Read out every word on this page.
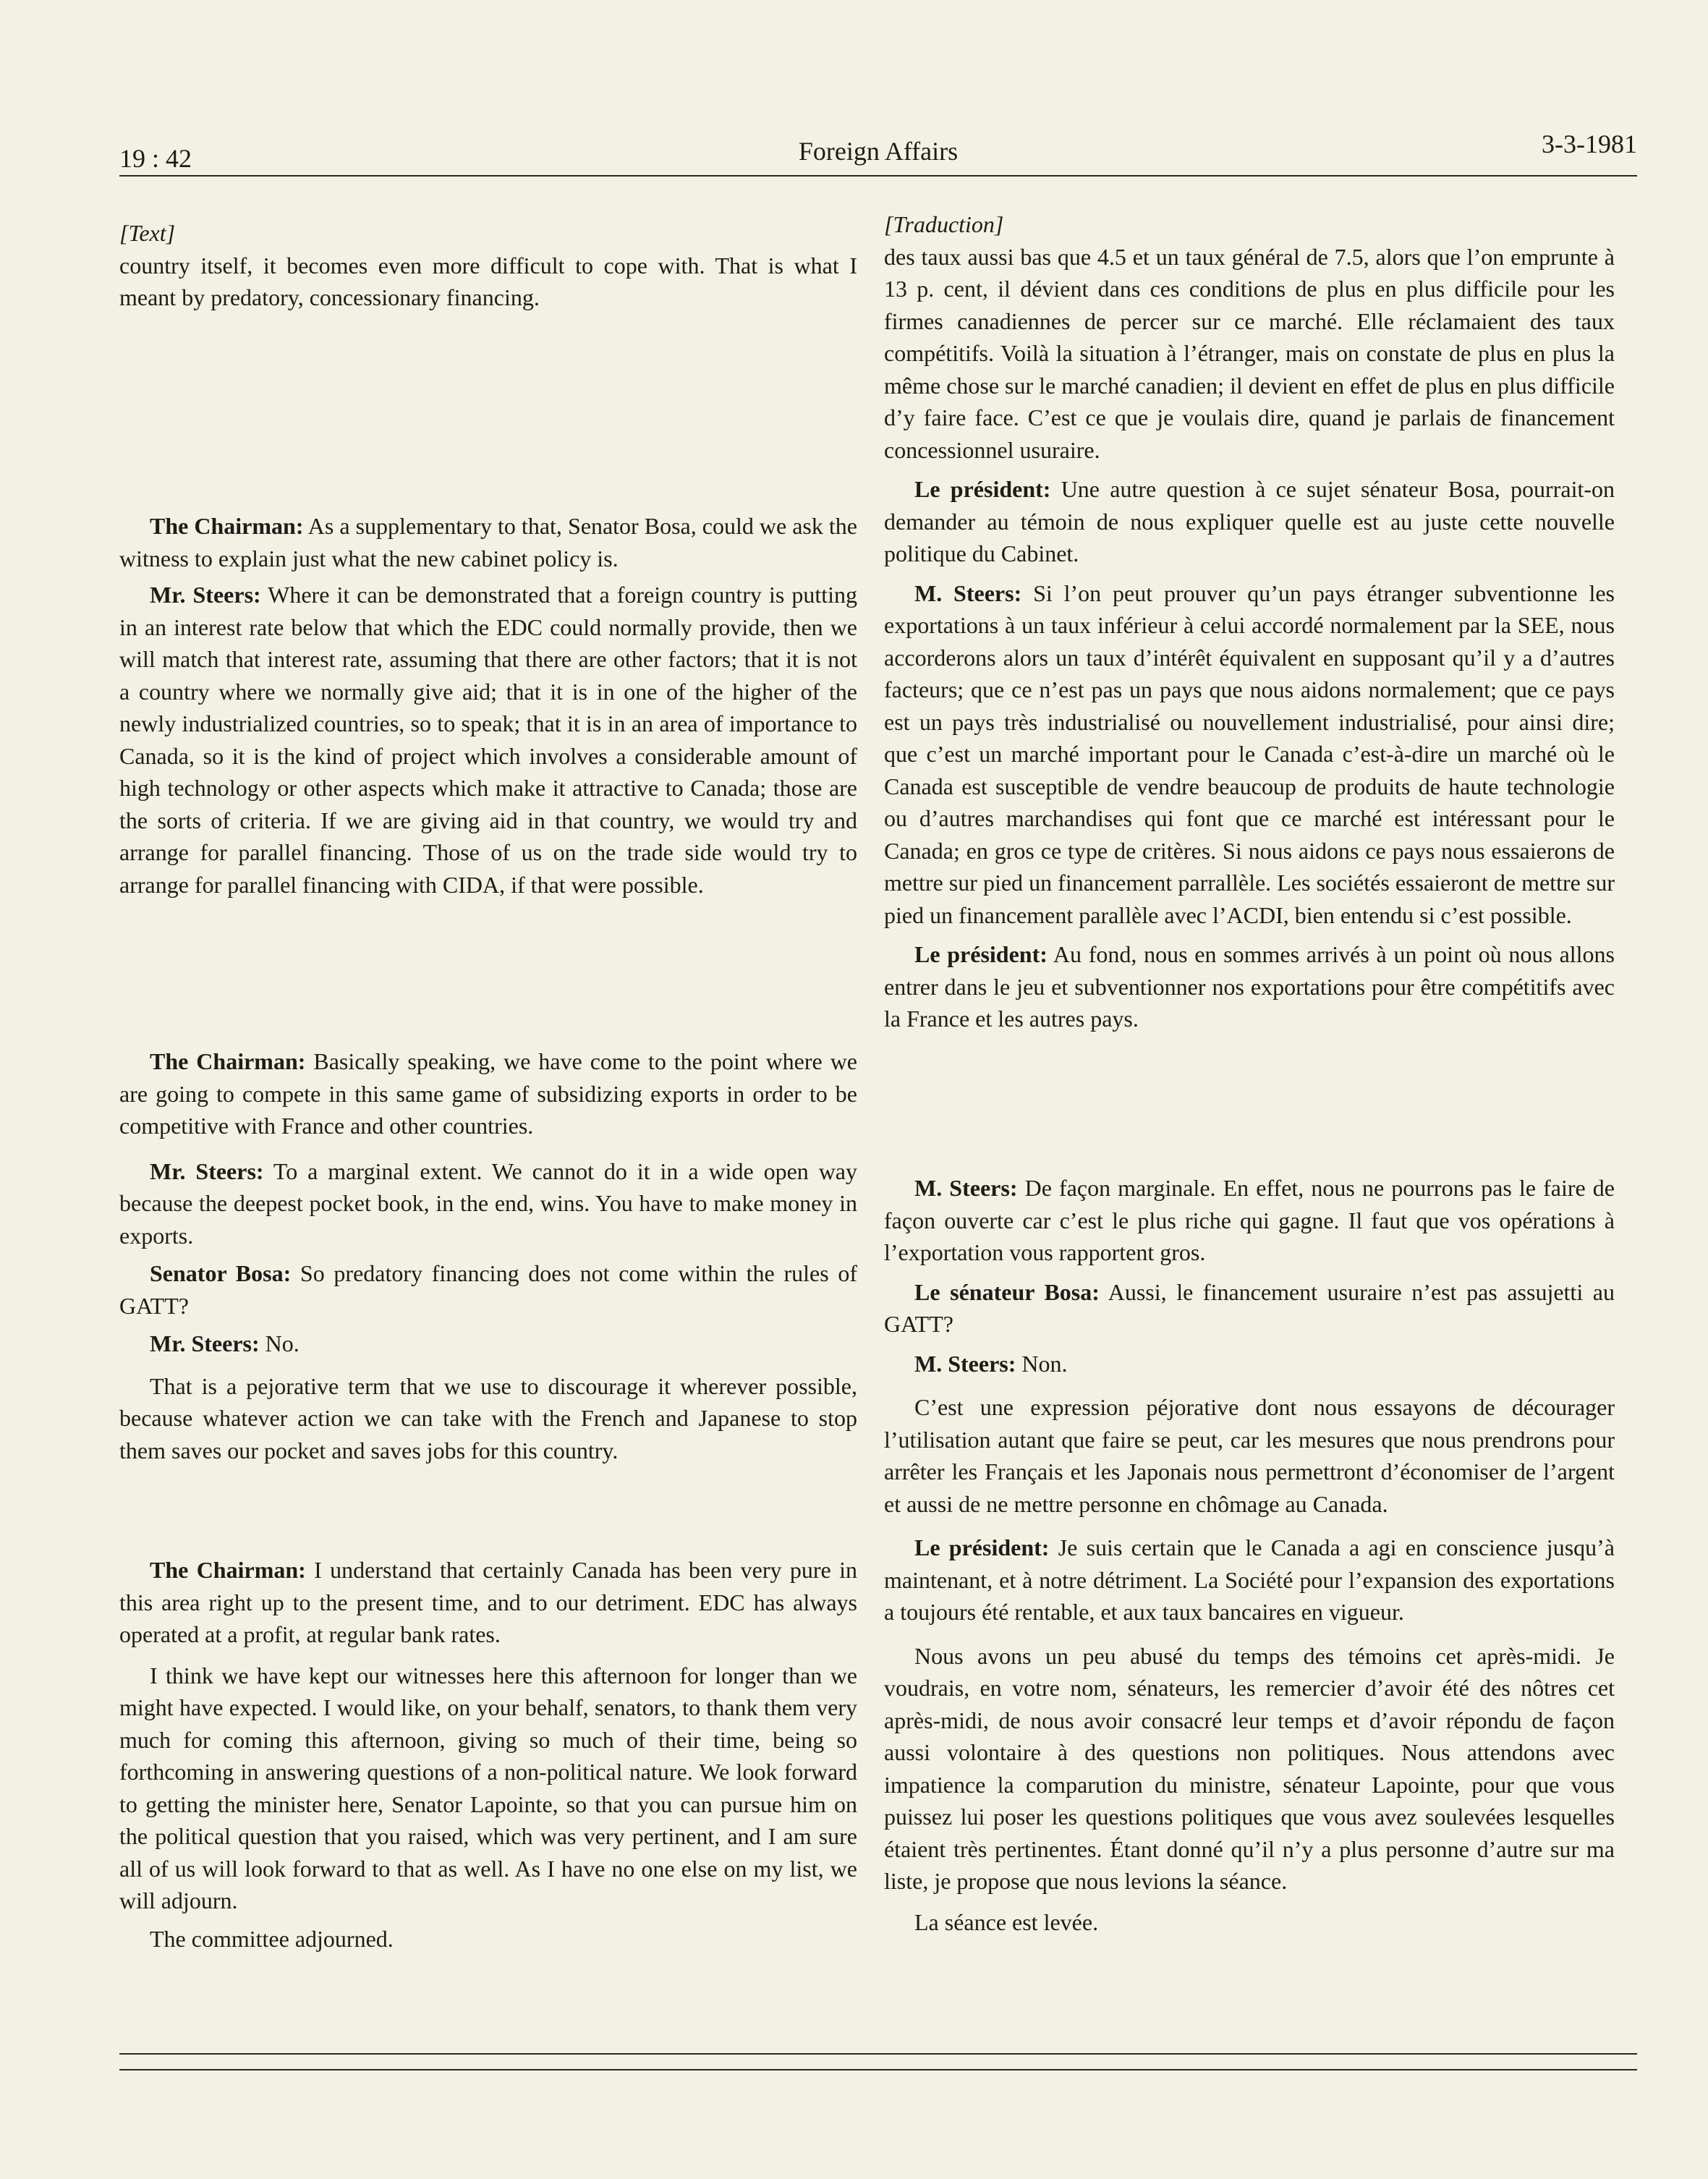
19 : 42	Foreign Affairs	3-3-1981

[Text]

country itself, it becomes even more difficult to cope with. That is what I meant by predatory, concessionary financing.

The Chairman: As a supplementary to that, Senator Bosa, could we ask the witness to explain just what the new cabinet policy is.

Mr. Steers: Where it can be demonstrated that a foreign country is putting in an interest rate below that which the EDC could normally provide, then we will match that interest rate, assuming that there are other factors; that it is not a country where we normally give aid; that it is in one of the higher of the newly industrialized countries, so to speak; that it is in an area of importance to Canada, so it is the kind of project which involves a considerable amount of high technology or other aspects which make it attractive to Canada; those are the sorts of criteria. If we are giving aid in that country, we would try and arrange for parallel financing. Those of us on the trade side would try to arrange for parallel financing with CIDA, if that were possible.

The Chairman: Basically speaking, we have come to the point where we are going to compete in this same game of subsidizing exports in order to be competitive with France and other countries.

Mr. Steers: To a marginal extent. We cannot do it in a wide open way because the deepest pocket book, in the end, wins. You have to make money in exports.

Senator Bosa: So predatory financing does not come within the rules of GATT?

Mr. Steers: No.

That is a pejorative term that we use to discourage it wherever possible, because whatever action we can take with the French and Japanese to stop them saves our pocket and saves jobs for this country.

The Chairman: I understand that certainly Canada has been very pure in this area right up to the present time, and to our detriment. EDC has always operated at a profit, at regular bank rates.

I think we have kept our witnesses here this afternoon for longer than we might have expected. I would like, on your behalf, senators, to thank them very much for coming this afternoon, giving so much of their time, being so forthcoming in answering questions of a non-political nature. We look forward to getting the minister here, Senator Lapointe, so that you can pursue him on the political question that you raised, which was very pertinent, and I am sure all of us will look forward to that as well. As I have no one else on my list, we will adjourn.

The committee adjourned.

[Traduction]

des taux aussi bas que 4.5 et un taux général de 7.5, alors que l’on emprunte à 13 p. cent, il dévient dans ces conditions de plus en plus difficile pour les firmes canadiennes de percer sur ce marché. Elle réclamaient des taux compétitifs. Voilà la situation à l’étranger, mais on constate de plus en plus la même chose sur le marché canadien; il devient en effet de plus en plus difficile d’y faire face. C’est ce que je voulais dire, quand je parlais de financement concessionnel usuraire.

Le président: Une autre question à ce sujet sénateur Bosa, pourrait-on demander au témoin de nous expliquer quelle est au juste cette nouvelle politique du Cabinet.

M. Steers: Si l’on peut prouver qu’un pays étranger subventionne les exportations à un taux inférieur à celui accordé normalement par la SEE, nous accorderons alors un taux d’intérêt équivalent en supposant qu’il y a d’autres facteurs; que ce n’est pas un pays que nous aidons normalement; que ce pays est un pays très industrialisé ou nouvellement industrialisé, pour ainsi dire; que c’est un marché important pour le Canada c’est-à-dire un marché où le Canada est susceptible de vendre beaucoup de produits de haute technologie ou d’autres marchandises qui font que ce marché est intéressant pour le Canada; en gros ce type de critères. Si nous aidons ce pays nous essaierons de mettre sur pied un financement parrallèle. Les sociétés essaieront de mettre sur pied un financement parallèle avec l’ACDI, bien entendu si c’est possible.

Le président: Au fond, nous en sommes arrivés à un point où nous allons entrer dans le jeu et subventionner nos exportations pour être compétitifs avec la France et les autres pays.

M. Steers: De façon marginale. En effet, nous ne pourrons pas le faire de façon ouverte car c’est le plus riche qui gagne. Il faut que vos opérations à l’exportation vous rapportent gros.

Le sénateur Bosa: Aussi, le financement usuraire n’est pas assujetti au GATT?

M. Steers: Non.

C’est une expression péjorative dont nous essayons de décourager l’utilisation autant que faire se peut, car les mesures que nous prendrons pour arrêter les Français et les Japonais nous permettront d’économiser de l’argent et aussi de ne mettre personne en chômage au Canada.

Le président: Je suis certain que le Canada a agi en conscience jusqu’à maintenant, et à notre détriment. La Société pour l’expansion des exportations a toujours été rentable, et aux taux bancaires en vigueur.

Nous avons un peu abusé du temps des témoins cet après-midi. Je voudrais, en votre nom, sénateurs, les remercier d’avoir été des nôtres cet après-midi, de nous avoir consacré leur temps et d’avoir répondu de façon aussi volontaire à des questions non politiques. Nous attendons avec impatience la comparution du ministre, sénateur Lapointe, pour que vous puissez lui poser les questions politiques que vous avez soulevées lesquelles étaient très pertinentes. Étant donné qu’il n’y a plus personne d’autre sur ma liste, je propose que nous levions la séance.

La séance est levée.
